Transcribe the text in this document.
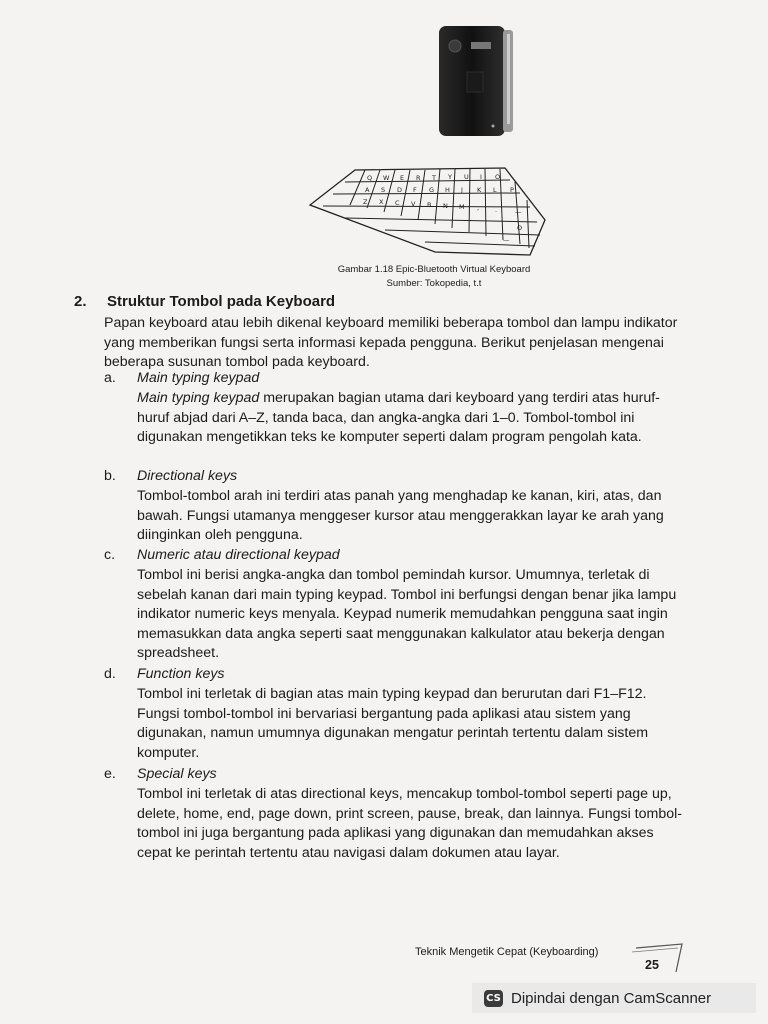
Q W E R T Y U I O
A S D F G H J K L P
Z X C V B N M , .	—
O
—
Gambar 1.18 Epic-Bluetooth Virtual Keyboard
Sumber: Tokopedia, t.t
2. Struktur Tombol pada Keyboard
Papan keyboard atau lebih dikenal keyboard memiliki beberapa tombol dan lampu indikator yang memberikan fungsi serta informasi kepada pengguna. Berikut penjelasan mengenai beberapa susunan tombol pada keyboard.
a. Main typing keypad
Main typing keypad merupakan bagian utama dari keyboard yang terdiri atas huruf-huruf abjad dari A–Z, tanda baca, dan angka-angka dari 1–0. Tombol-tombol ini digunakan mengetikkan teks ke komputer seperti dalam program pengolah kata.
b. Directional keys
Tombol-tombol arah ini terdiri atas panah yang menghadap ke kanan, kiri, atas, dan bawah. Fungsi utamanya menggeser kursor atau menggerakkan layar ke arah yang diinginkan oleh pengguna.
c. Numeric atau directional keypad
Tombol ini berisi angka-angka dan tombol pemindah kursor. Umumnya, terletak di sebelah kanan dari main typing keypad. Tombol ini berfungsi dengan benar jika lampu indikator numeric keys menyala. Keypad numerik memudahkan pengguna saat ingin memasukkan data angka seperti saat menggunakan kalkulator atau bekerja dengan spreadsheet.
d. Function keys
Tombol ini terletak di bagian atas main typing keypad dan berurutan dari F1–F12. Fungsi tombol-tombol ini bervariasi bergantung pada aplikasi atau sistem yang digunakan, namun umumnya digunakan mengatur perintah tertentu dalam sistem komputer.
e. Special keys
Tombol ini terletak di atas directional keys, mencakup tombol-tombol seperti page up, delete, home, end, page down, print screen, pause, break, dan lainnya. Fungsi tombol-tombol ini juga bergantung pada aplikasi yang digunakan dan memudahkan akses cepat ke perintah tertentu atau navigasi dalam dokumen atau layar.
Teknik Mengetik Cepat (Keyboarding)
25
CS Dipindai dengan CamScanner
